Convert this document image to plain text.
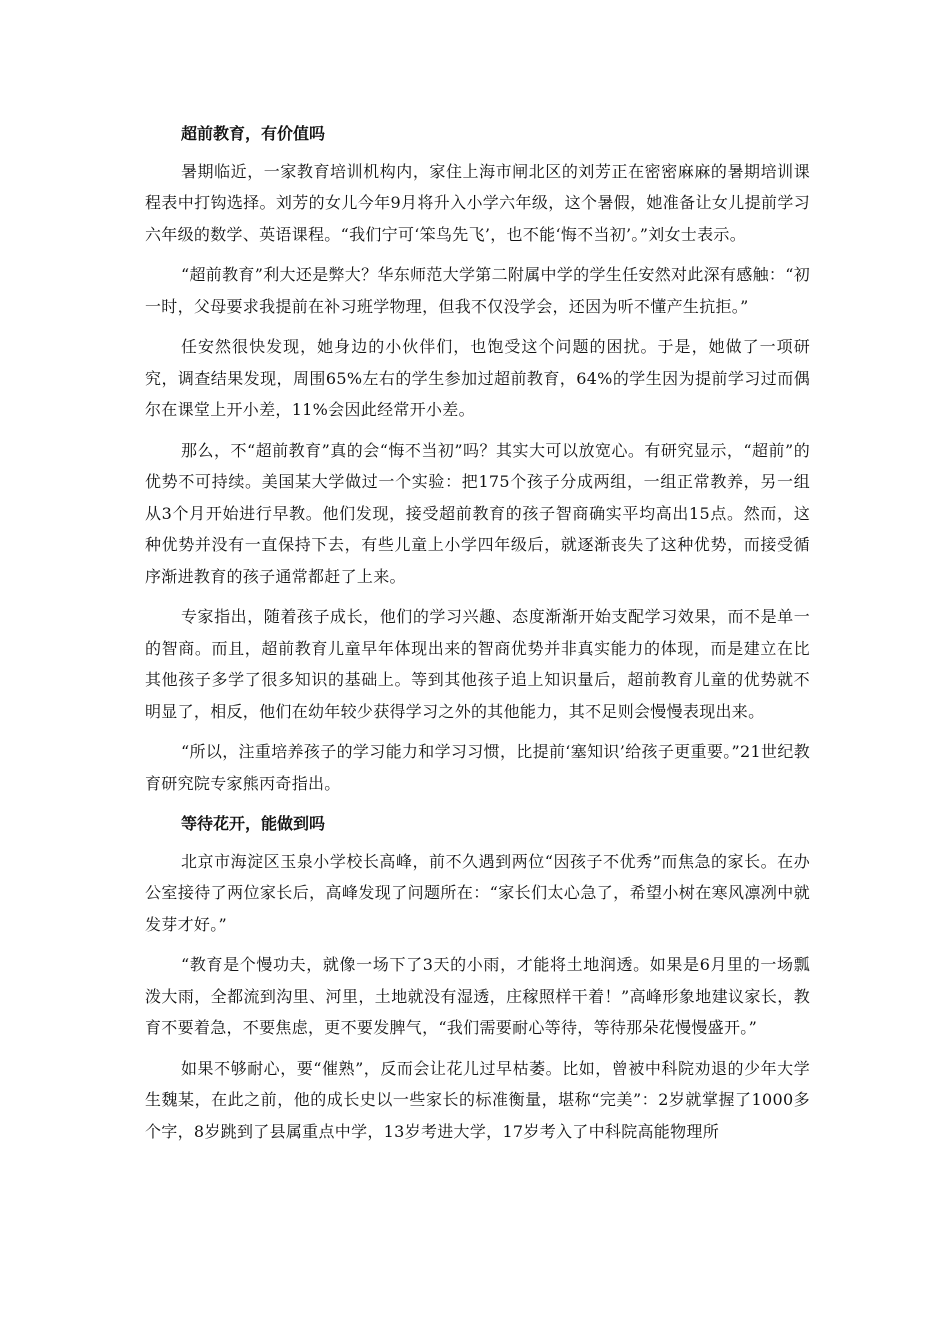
超前教育，有价值吗

暑期临近，一家教育培训机构内，家住上海市闸北区的刘芳正在密密麻麻的暑期培训课程表中打钩选择。刘芳的女儿今年9月将升入小学六年级，这个暑假，她准备让女儿提前学习六年级的数学、英语课程。“我们宁可‘笨鸟先飞’，也不能‘悔不当初’。”刘女士表示。

“超前教育”利大还是弊大？华东师范大学第二附属中学的学生任安然对此深有感触：“初一时，父母要求我提前在补习班学物理，但我不仅没学会，还因为听不懂产生抗拒。”

任安然很快发现，她身边的小伙伴们，也饱受这个问题的困扰。于是，她做了一项研究，调查结果发现，周围65%左右的学生参加过超前教育，64%的学生因为提前学习过而偶尔在课堂上开小差，11%会因此经常开小差。

那么，不“超前教育”真的会“悔不当初”吗？其实大可以放宽心。有研究显示，“超前”的优势不可持续。美国某大学做过一个实验：把175个孩子分成两组，一组正常教养，另一组从3个月开始进行早教。他们发现，接受超前教育的孩子智商确实平均高出15点。然而，这种优势并没有一直保持下去，有些儿童上小学四年级后，就逐渐丧失了这种优势，而接受循序渐进教育的孩子通常都赶了上来。

专家指出，随着孩子成长，他们的学习兴趣、态度渐渐开始支配学习效果，而不是单一的智商。而且，超前教育儿童早年体现出来的智商优势并非真实能力的体现，而是建立在比其他孩子多学了很多知识的基础上。等到其他孩子追上知识量后，超前教育儿童的优势就不明显了，相反，他们在幼年较少获得学习之外的其他能力，其不足则会慢慢表现出来。

“所以，注重培养孩子的学习能力和学习习惯，比提前‘塞知识’给孩子更重要。”21世纪教育研究院专家熊丙奇指出。

等待花开，能做到吗

北京市海淀区玉泉小学校长高峰，前不久遇到两位“因孩子不优秀”而焦急的家长。在办公室接待了两位家长后，高峰发现了问题所在：“家长们太心急了，希望小树在寒风凛冽中就发芽才好。”

“教育是个慢功夫，就像一场下了3天的小雨，才能将土地润透。如果是6月里的一场瓢泼大雨，全都流到沟里、河里，土地就没有湿透，庄稼照样干着！”高峰形象地建议家长，教育不要着急，不要焦虑，更不要发脾气，“我们需要耐心等待，等待那朵花慢慢盛开。”

如果不够耐心，要“催熟”，反而会让花儿过早枯萎。比如，曾被中科院劝退的少年大学生魏某，在此之前，他的成长史以一些家长的标准衡量，堪称“完美”：2岁就掌握了1000多个字，8岁跳到了县属重点中学，13岁考进大学，17岁考入了中科院高能物理所
